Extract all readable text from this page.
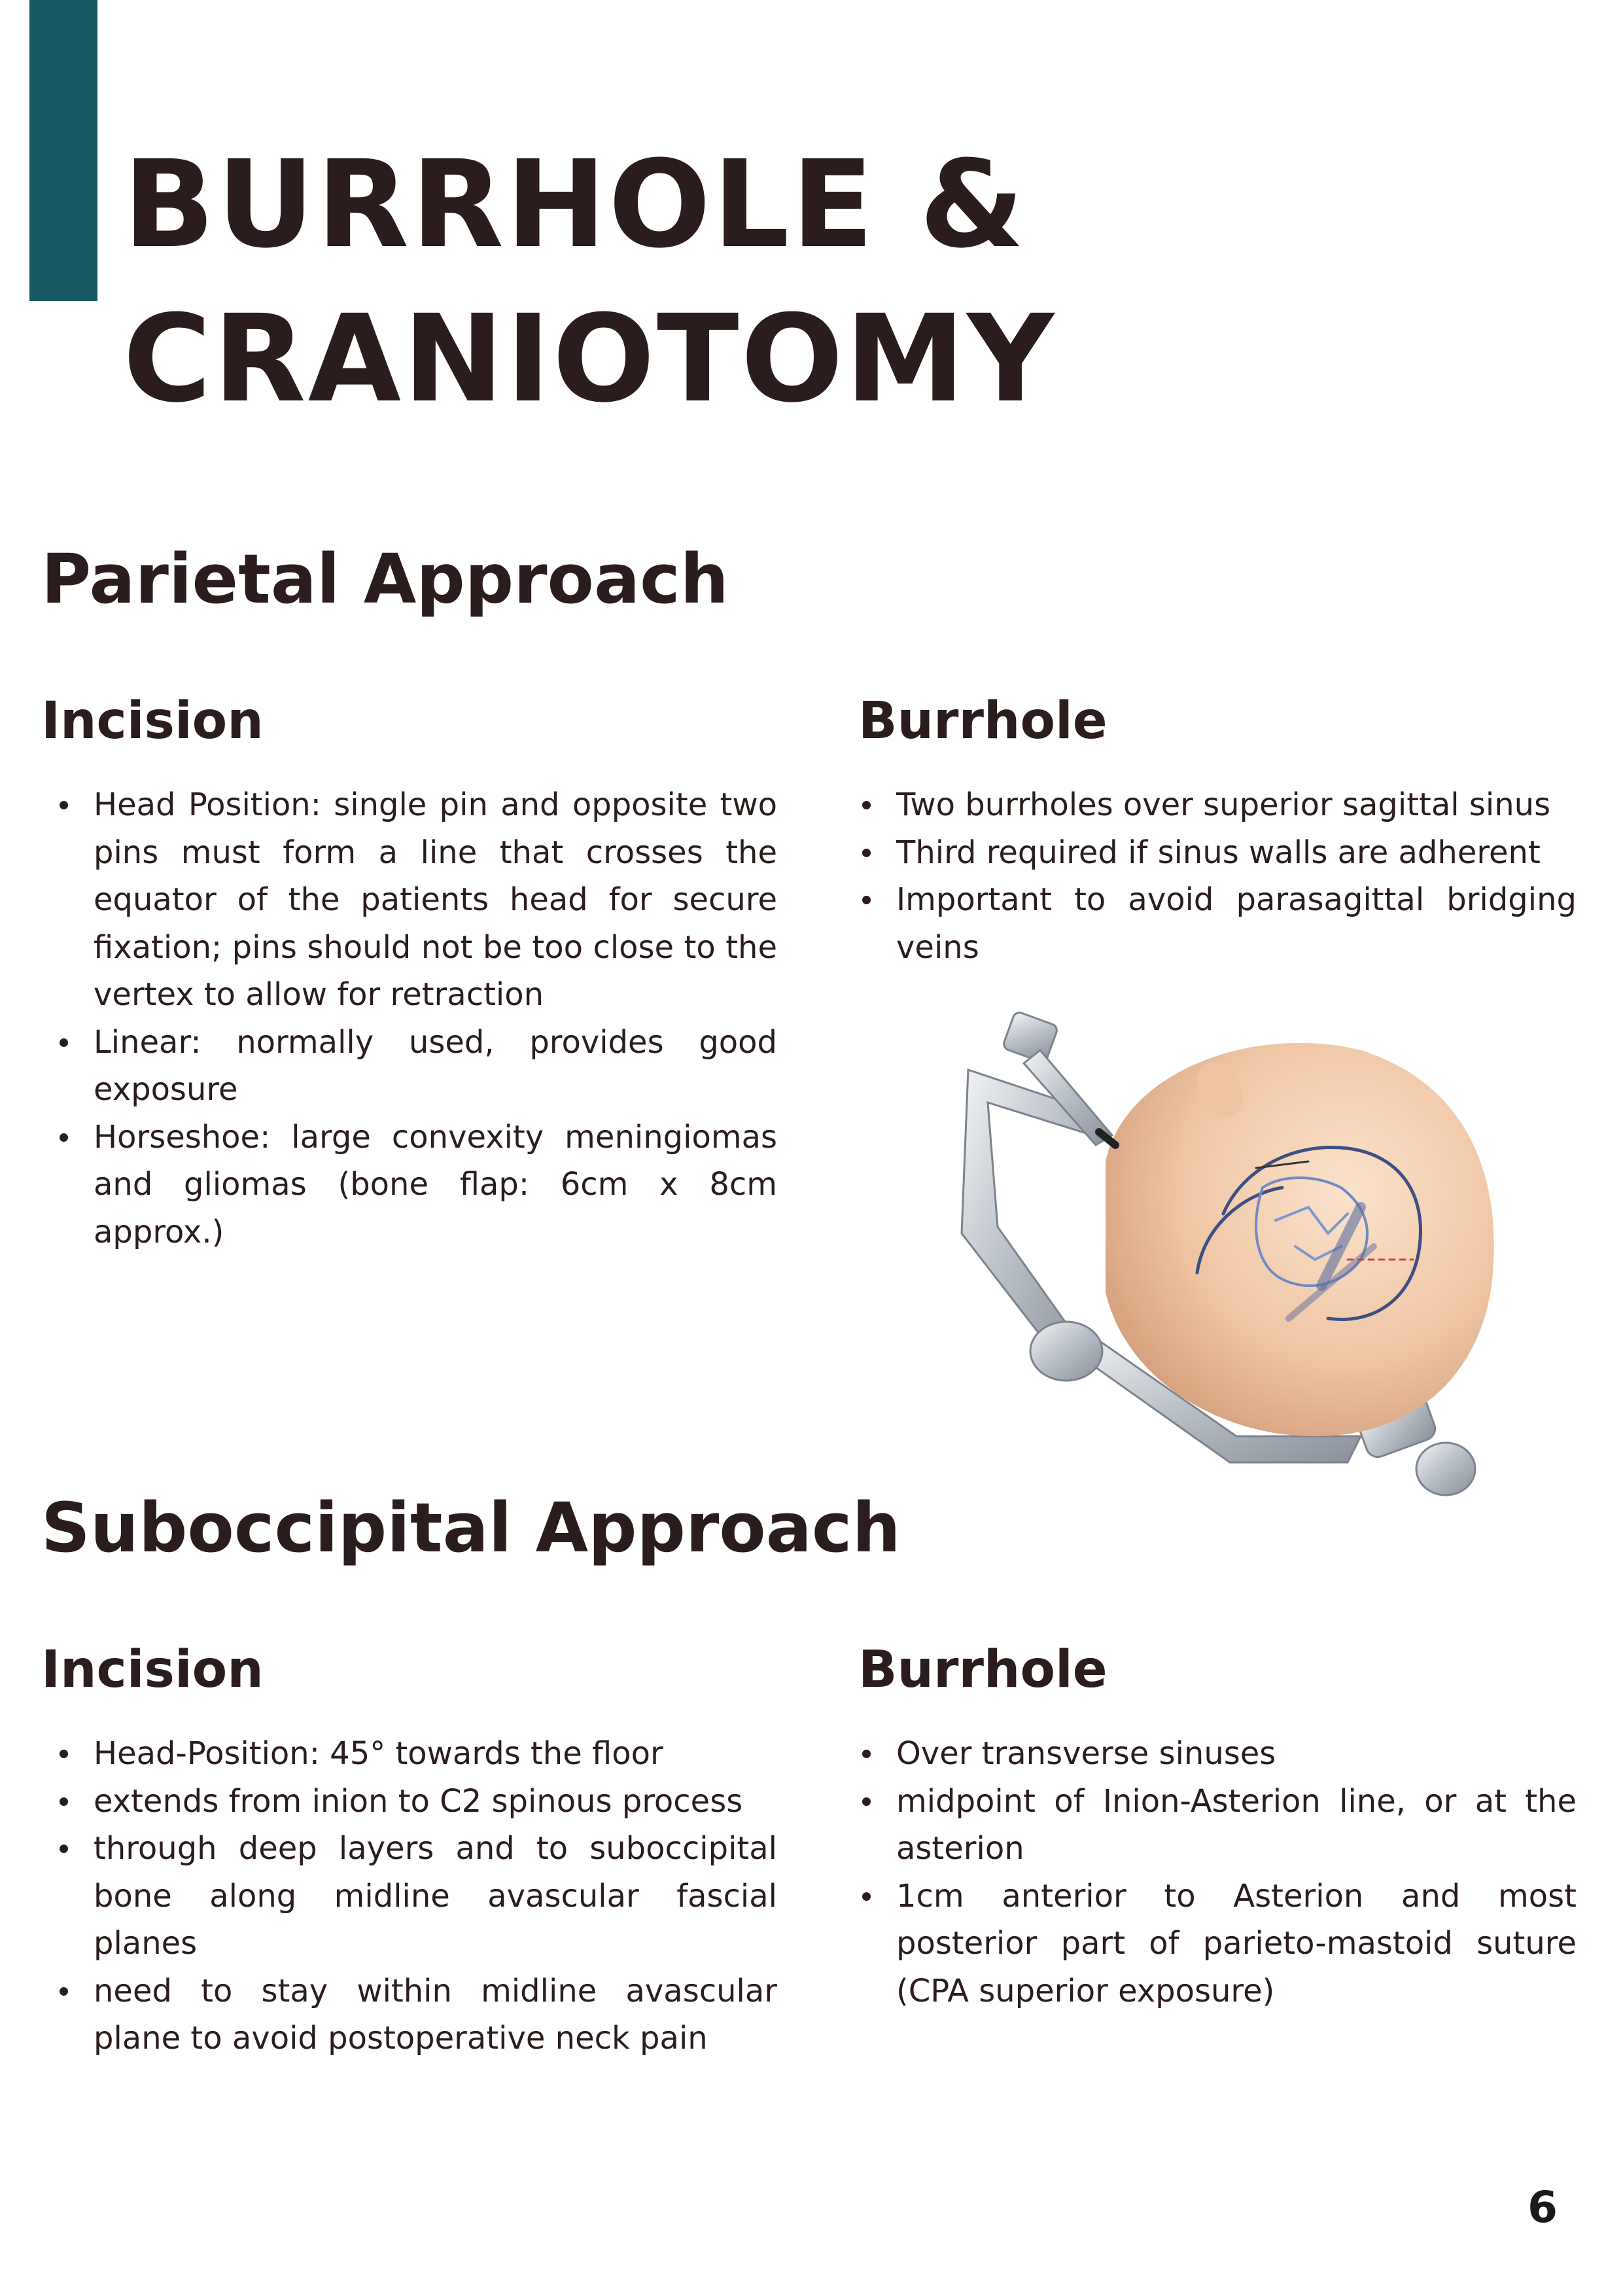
BURRHOLE &
CRANIOTOMY
Parietal Approach
Incision
Head Position: single pin and opposite two pins must form a line that crosses the equator of the patients head for secure fixation; pins should not be too close to the vertex to allow for retraction
Linear: normally used, provides good exposure
Horseshoe: large convexity meningiomas and gliomas (bone flap: 6cm x 8cm approx.)
Burrhole
Two burrholes over superior sagittal sinus
Third required if sinus walls are adherent
Important to avoid parasagittal bridging veins
Suboccipital Approach
Incision
Head-Position: 45° towards the floor
extends from inion to C2 spinous process
through deep layers and to suboccipital bone along midline avascular fascial planes
need to stay within midline avascular plane to avoid postoperative neck pain
Burrhole
Over transverse sinuses
midpoint of Inion-Asterion line, or at the asterion
1cm anterior to Asterion and most posterior part of parieto-mastoid suture (CPA superior exposure)
6
